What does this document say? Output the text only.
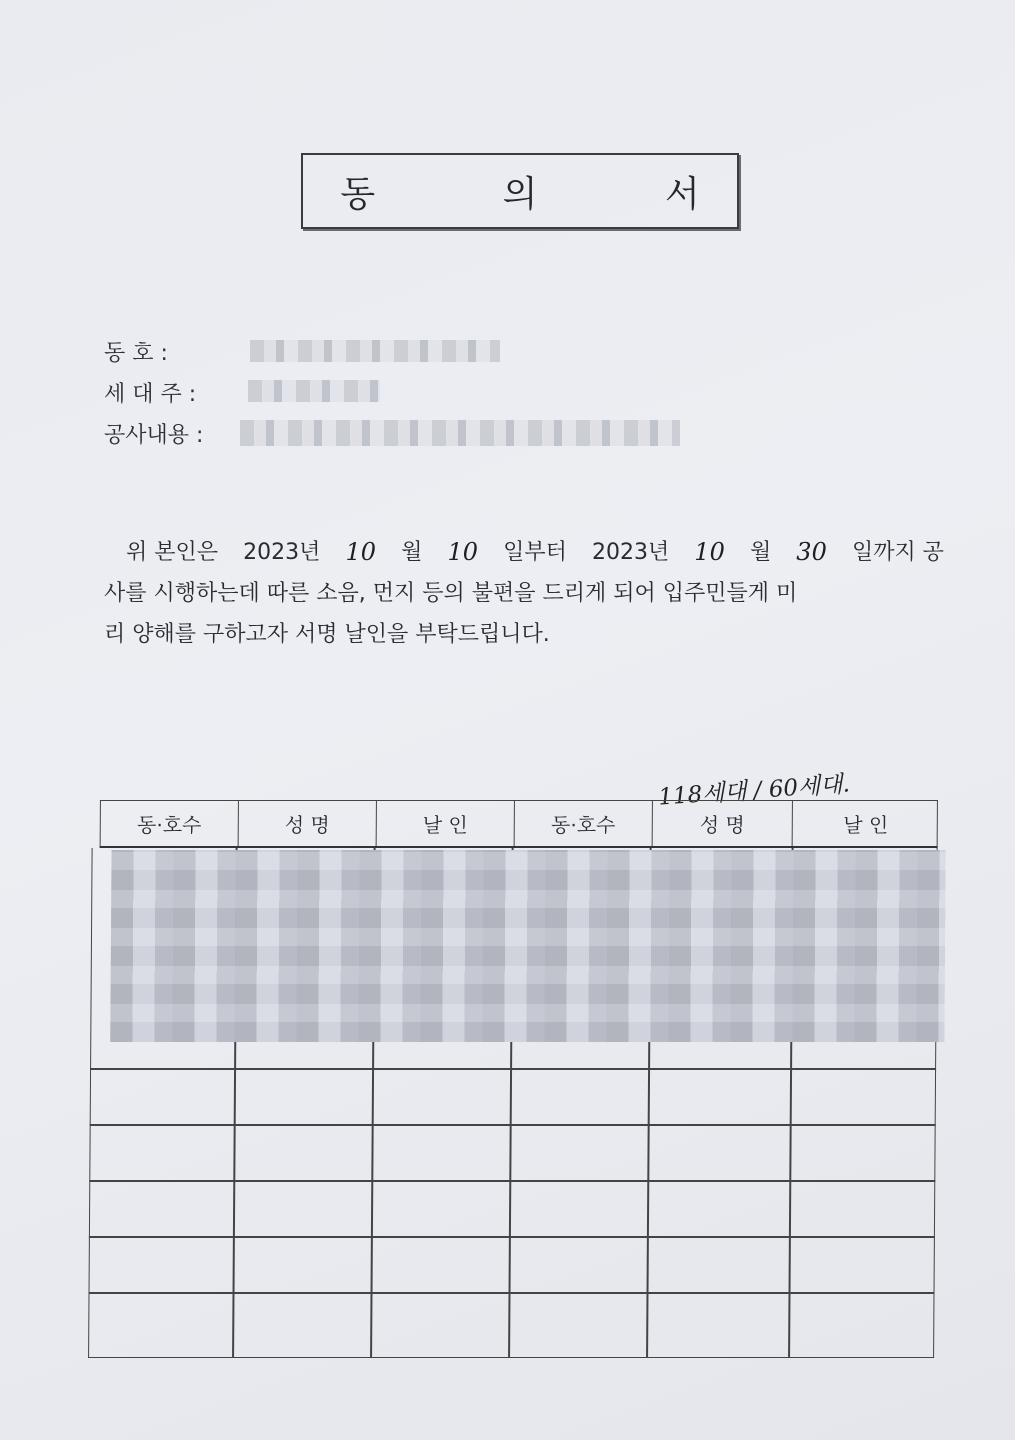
동 의 서
동 호 :
세 대 주 :
공사내용 :
위 본인은 2023년 10 월 10 일부터 2023년 10 월 30 일까지 공
사를 시행하는데 따른 소음, 먼지 등의 불편을 드리게 되어 입주민들게 미
리 양해를 구하고자 서명 날인을 부탁드립니다.
118세대 / 60세대.
동·호수	성 명	날 인	동·호수	성 명	날 인
